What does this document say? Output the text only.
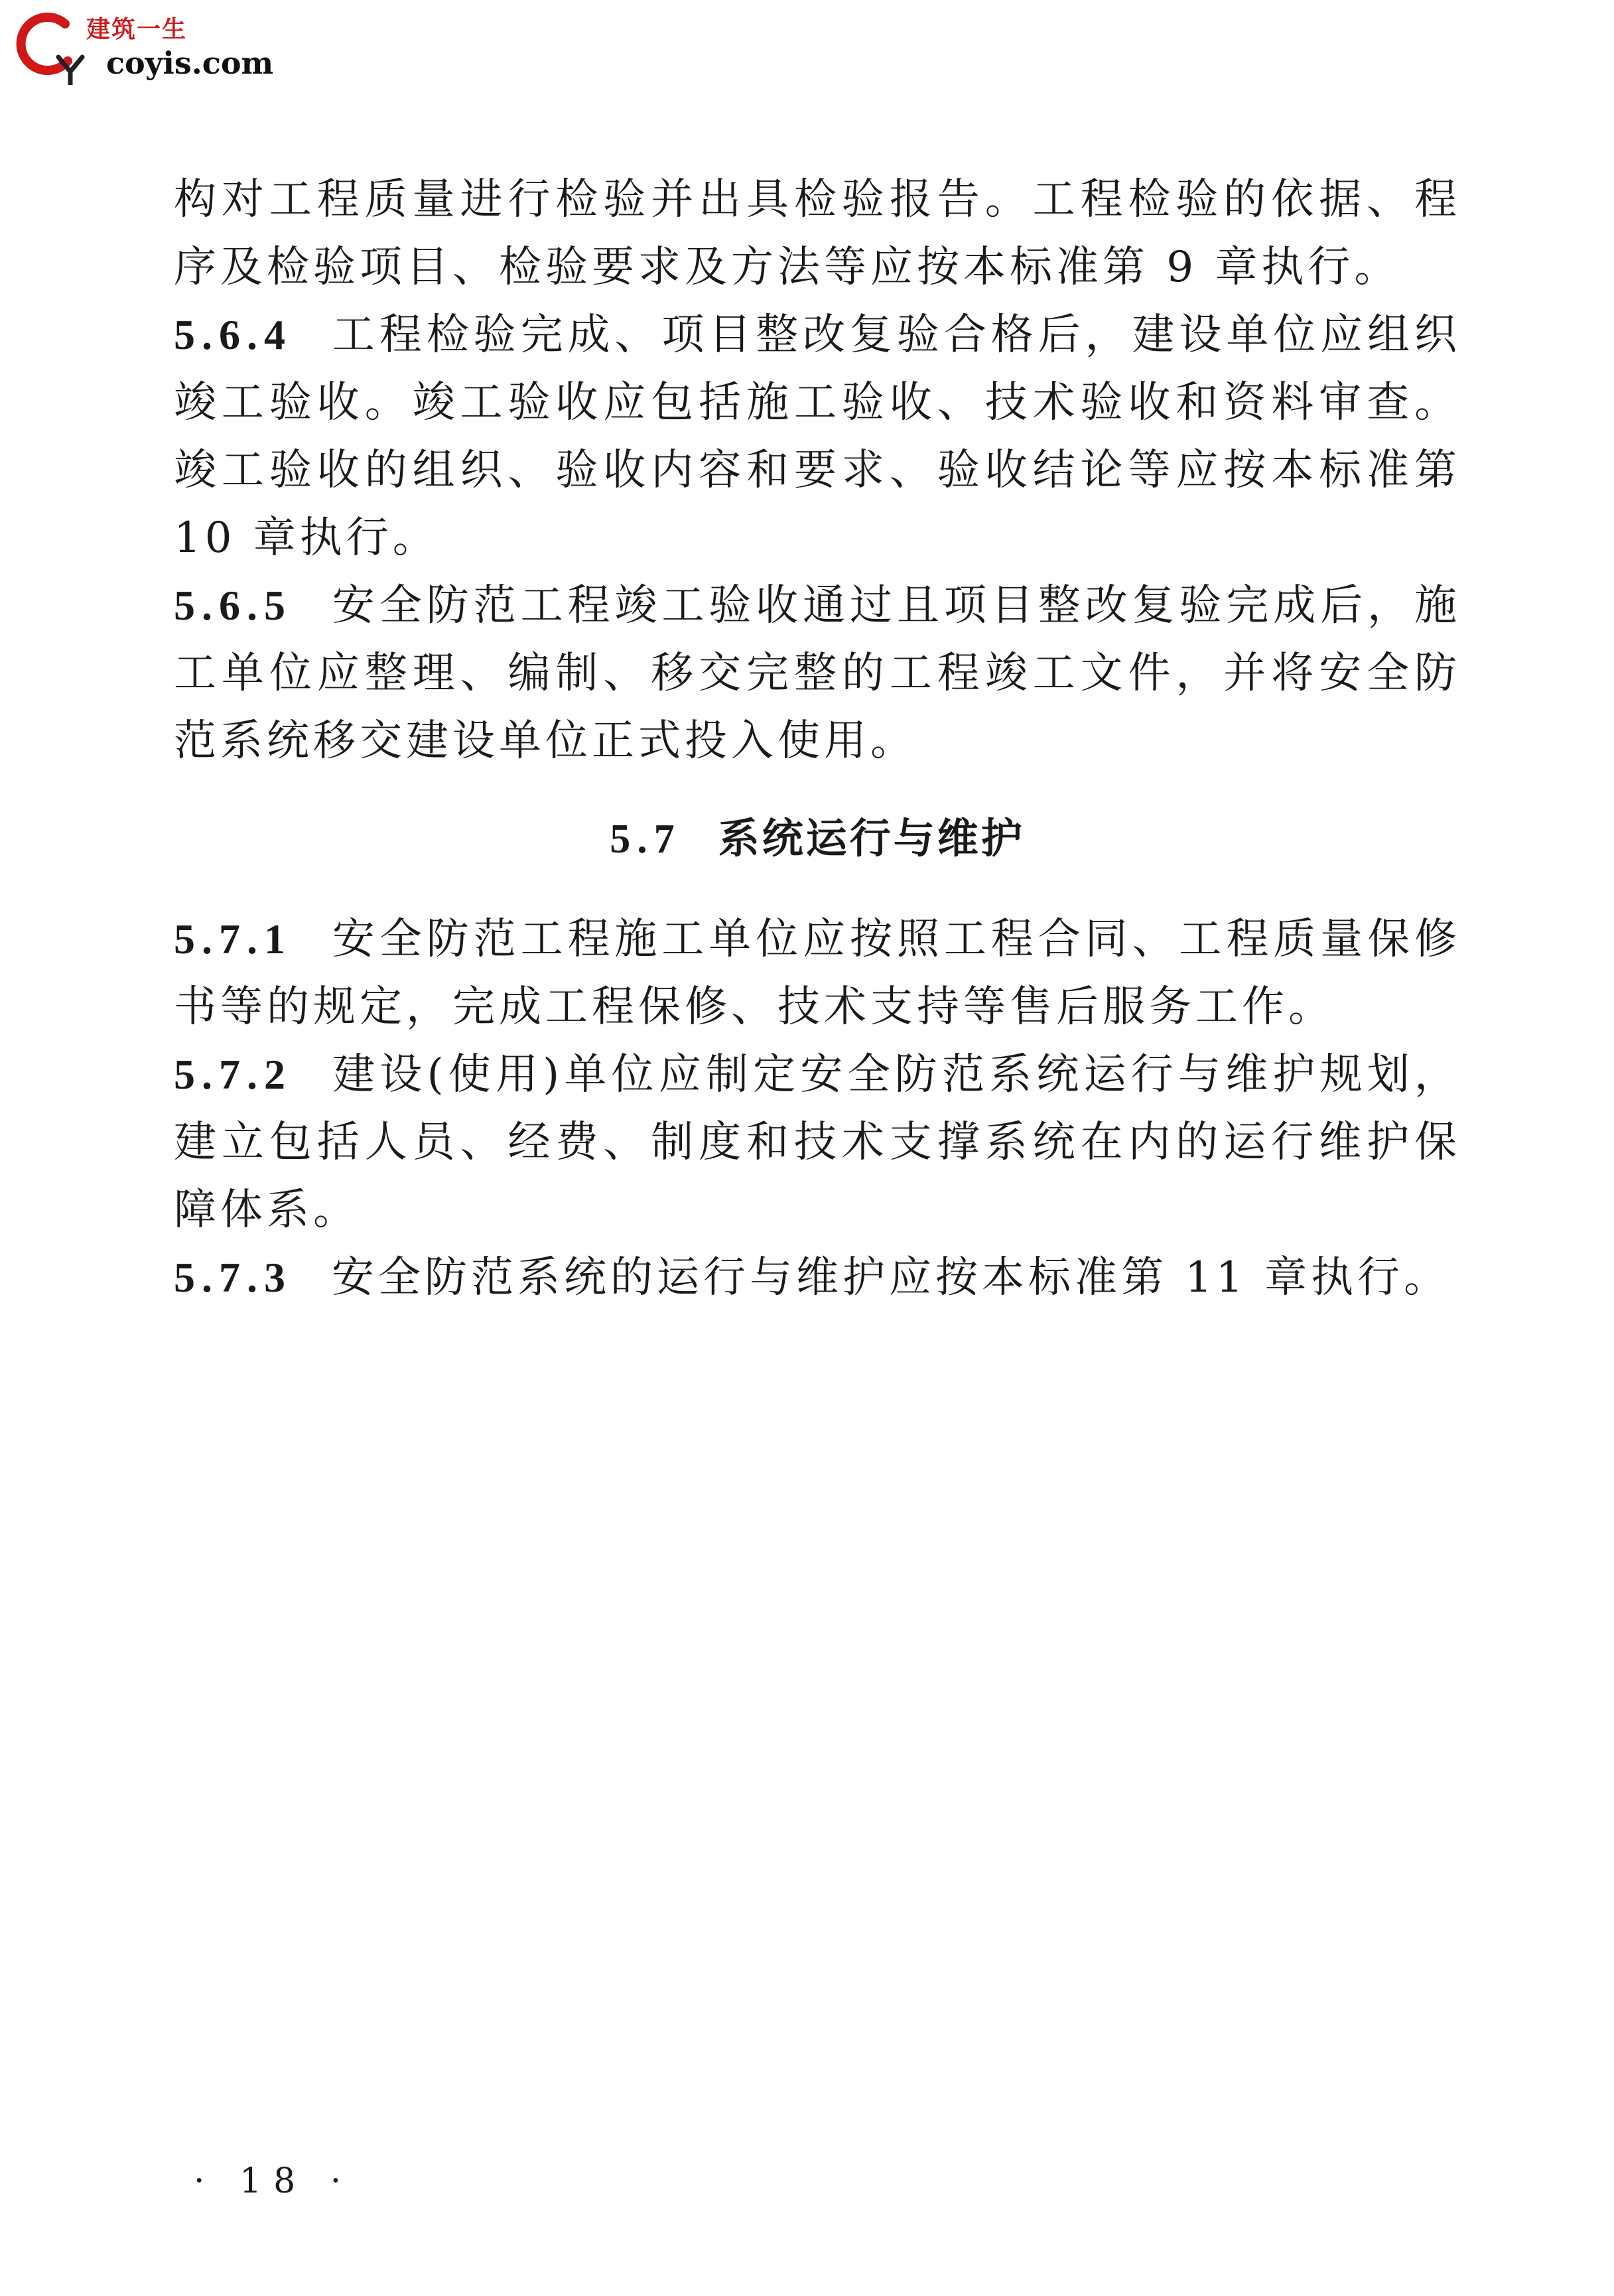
建筑一生
coyis.com

构对工程质量进行检验并出具检验报告。工程检验的依据、程序及检验项目、检验要求及方法等应按本标准第 9 章执行。

5.6.4 工程检验完成、项目整改复验合格后，建设单位应组织竣工验收。竣工验收应包括施工验收、技术验收和资料审查。竣工验收的组织、验收内容和要求、验收结论等应按本标准第 10 章执行。

5.6.5 安全防范工程竣工验收通过且项目整改复验完成后，施工单位应整理、编制、移交完整的工程竣工文件，并将安全防范系统移交建设单位正式投入使用。

5.7 系统运行与维护

5.7.1 安全防范工程施工单位应按照工程合同、工程质量保修书等的规定，完成工程保修、技术支持等售后服务工作。

5.7.2 建设(使用)单位应制定安全防范系统运行与维护规划，建立包括人员、经费、制度和技术支撑系统在内的运行维护保障体系。

5.7.3 安全防范系统的运行与维护应按本标准第 11 章执行。

· 18 ·
